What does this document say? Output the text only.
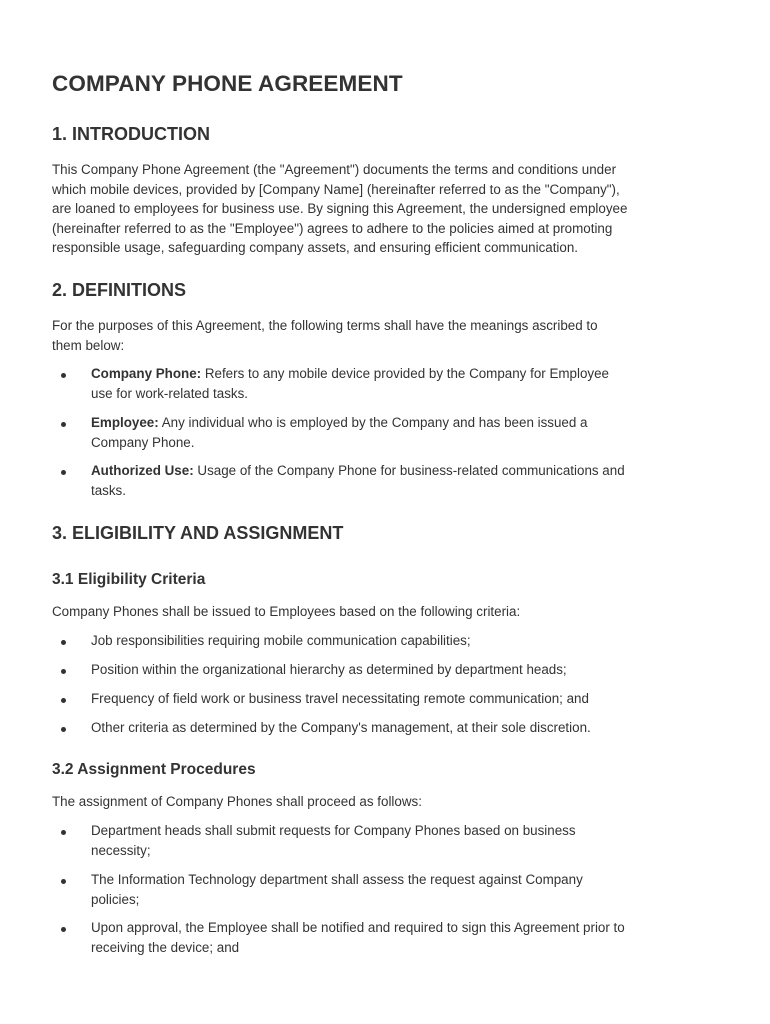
COMPANY PHONE AGREEMENT
1. INTRODUCTION

This Company Phone Agreement (the "Agreement") documents the terms and conditions under
which mobile devices, provided by [Company Name] (hereinafter referred to as the "Company"),
are loaned to employees for business use. By signing this Agreement, the undersigned employee
(hereinafter referred to as the "Employee") agrees to adhere to the policies aimed at promoting
responsible usage, safeguarding company assets, and ensuring efficient communication.

2. DEFINITIONS

For the purposes of this Agreement, the following terms shall have the meanings ascribed to
them below:

Company Phone: Refers to any mobile device provided by the Company for Employee
use for work-related tasks.
Employee: Any individual who is employed by the Company and has been issued a
Company Phone.
Authorized Use: Usage of the Company Phone for business-related communications and
tasks.
3. ELIGIBILITY AND ASSIGNMENT
3.1 Eligibility Criteria

Company Phones shall be issued to Employees based on the following criteria:

Job responsibilities requiring mobile communication capabilities;
Position within the organizational hierarchy as determined by department heads;
Frequency of field work or business travel necessitating remote communication; and
Other criteria as determined by the Company's management, at their sole discretion.
3.2 Assignment Procedures

The assignment of Company Phones shall proceed as follows:

Department heads shall submit requests for Company Phones based on business
necessity;
The Information Technology department shall assess the request against Company
policies;
Upon approval, the Employee shall be notified and required to sign this Agreement prior to
receiving the device; and
